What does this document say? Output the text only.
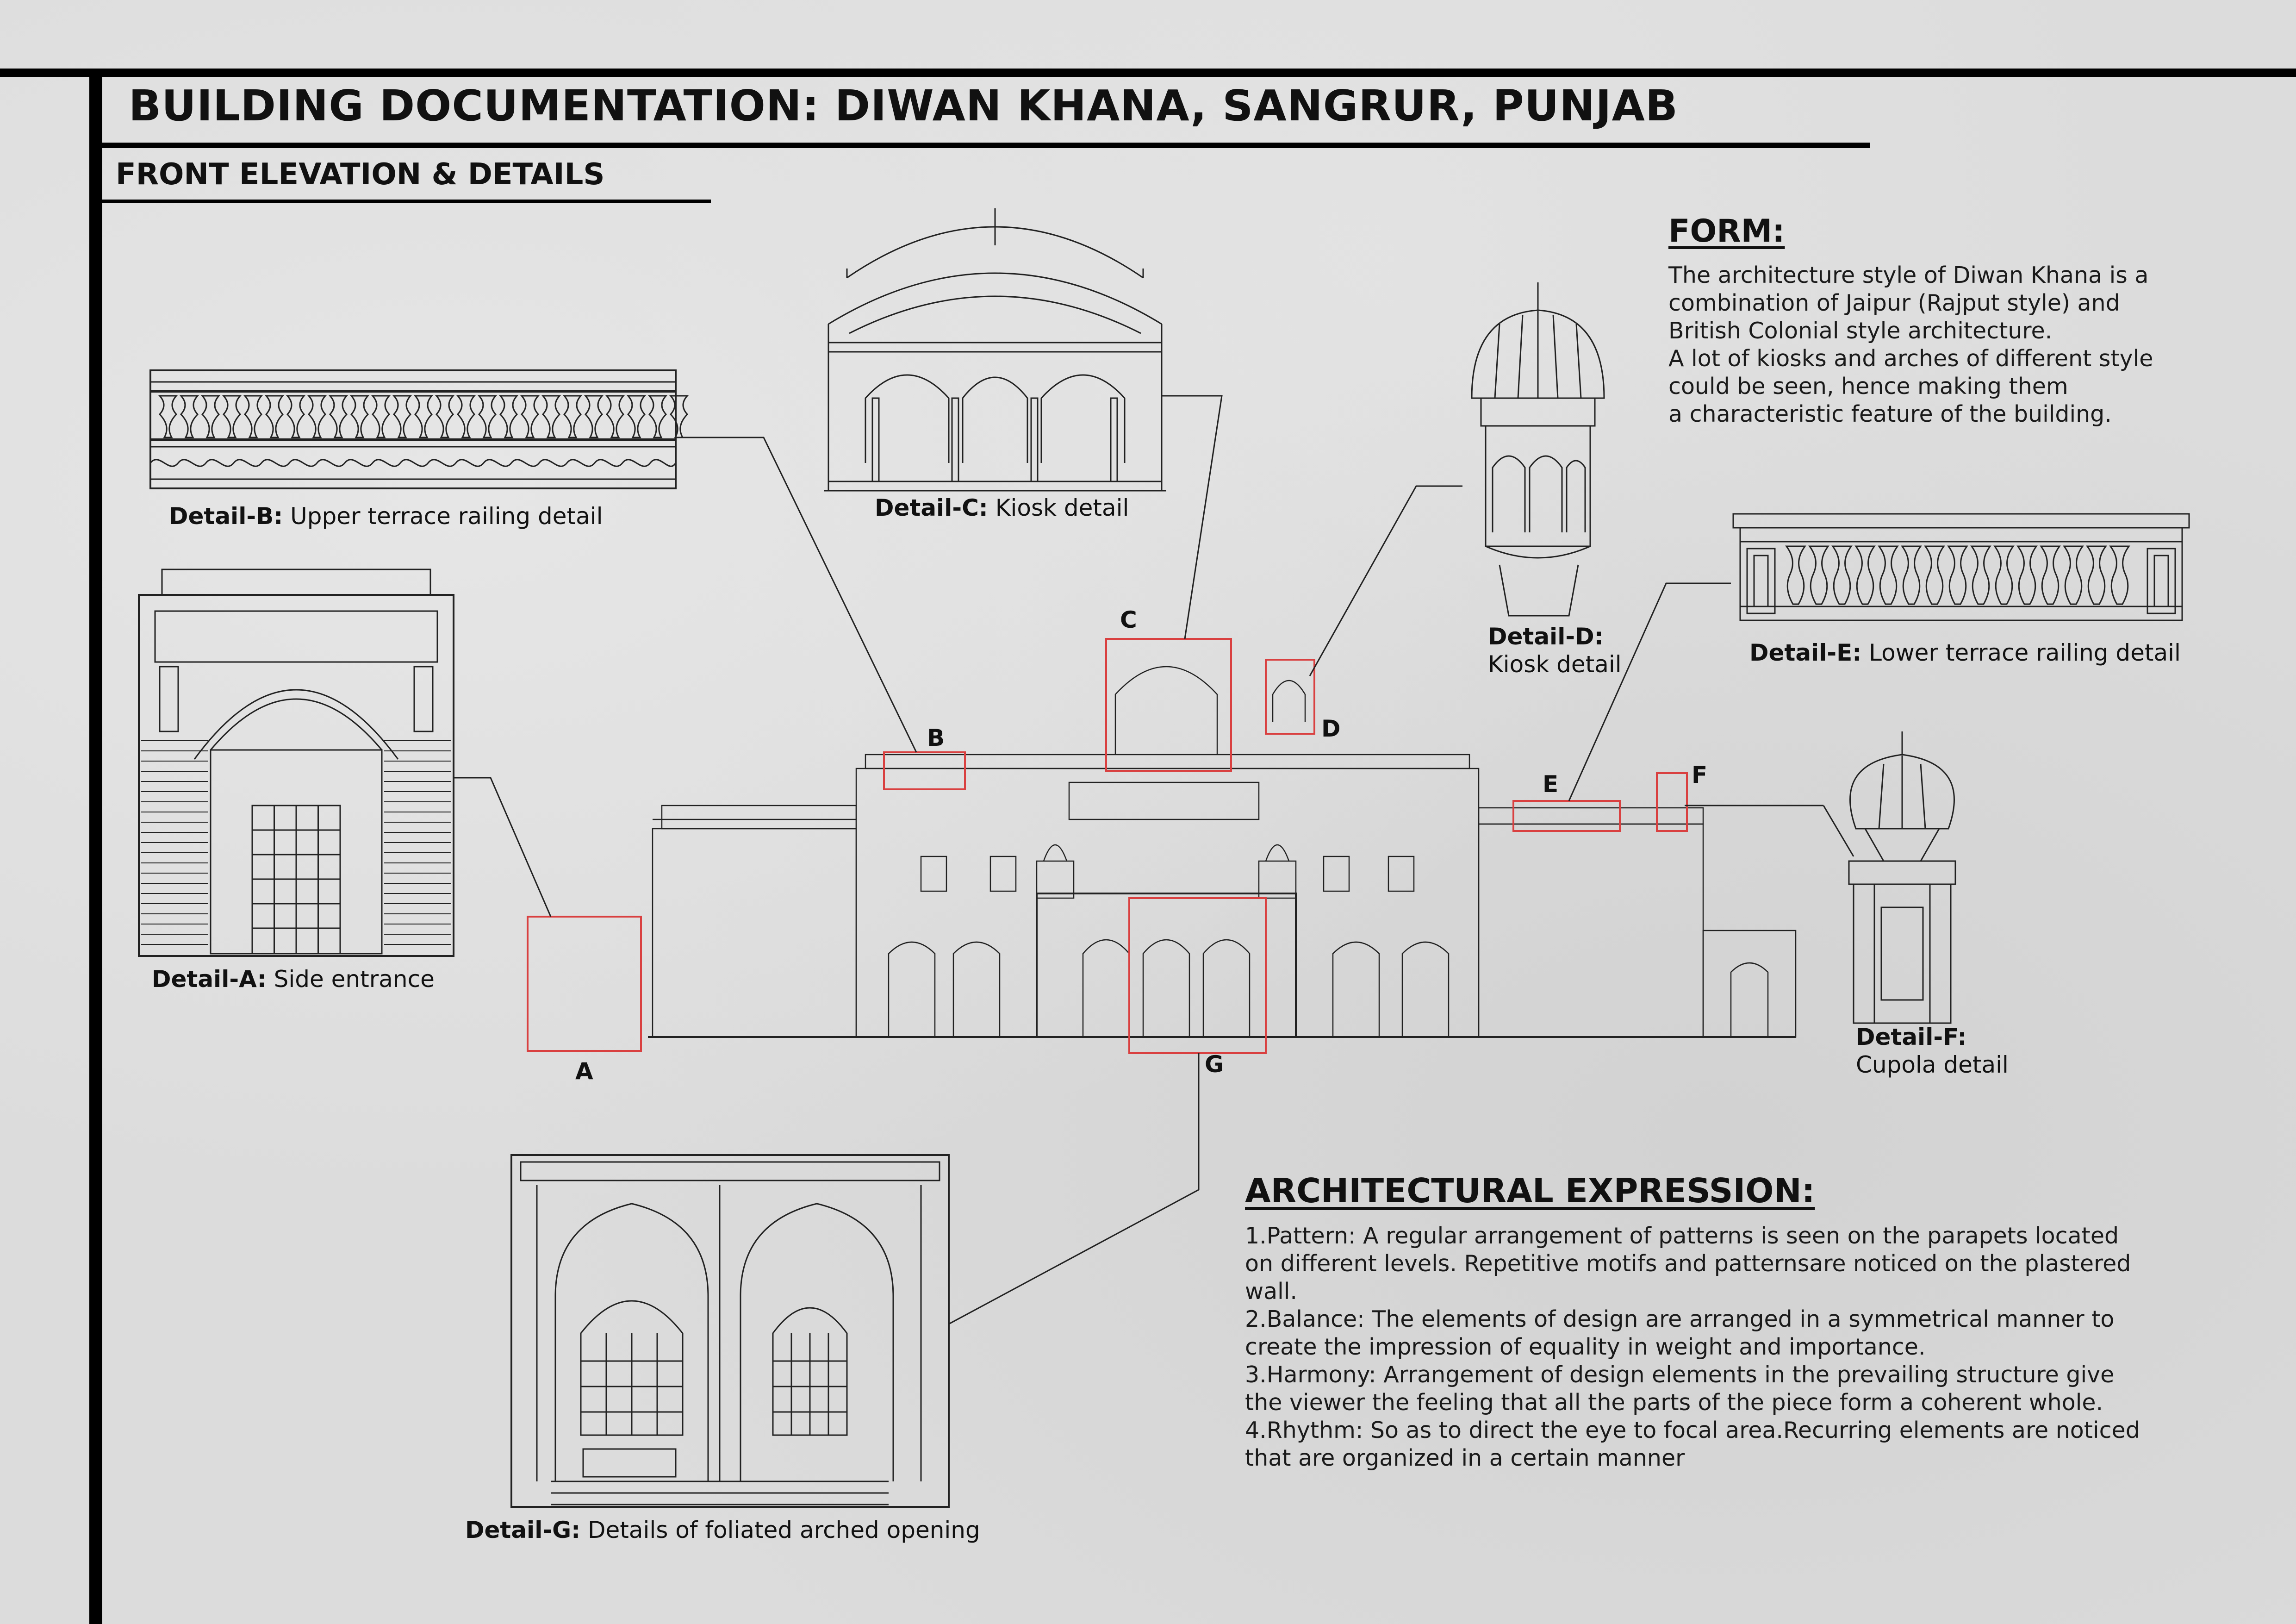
BUILDING DOCUMENTATION: DIWAN KHANA, SANGRUR, PUNJAB
FRONT ELEVATION & DETAILS
A
B
C
D
E	F
G
Detail-B: Upper terrace railing detail	Detail-C: Kiosk detail
Detail-D:
Kiosk detail	Detail-E: Lower terrace railing detail
Detail-A: Side entrance
Detail-F:
Cupola detail
Detail-G: Details of foliated arched opening
FORM:
The architecture style of Diwan Khana is a
combination of Jaipur (Rajput style) and
British Colonial style architecture.
A lot of kiosks and arches of different style
could be seen, hence making them
a characteristic feature of the building.
ARCHITECTURAL EXPRESSION:
1.Pattern: A regular arrangement of patterns is seen on the parapets located
on different levels. Repetitive motifs and patternsare noticed on the plastered
wall.
2.Balance: The elements of design are arranged in a symmetrical manner to
create the impression of equality in weight and importance.
3.Harmony: Arrangement of design elements in the prevailing structure give
the viewer the feeling that all the parts of the piece form a coherent whole.
4.Rhythm: So as to direct the eye to focal area.Recurring elements are noticed
that are organized in a certain manner
